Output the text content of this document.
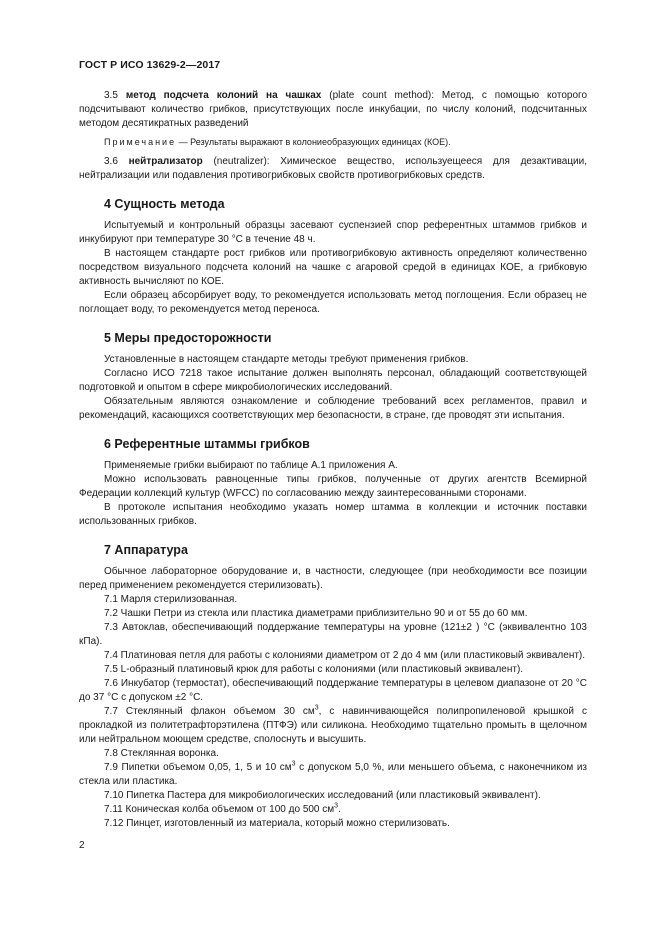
ГОСТ Р ИСО 13629-2—2017

3.5 метод подсчета колоний на чашках (plate count method): Метод, с помощью которого подсчитывают количество грибков, присутствующих после инкубации, по числу колоний, подсчитанных методом десятикратных разведений

Примечание — Результаты выражают в колониеобразующих единицах (КОЕ).

3.6 нейтрализатор (neutralizer): Химическое вещество, используещееся для дезактивации, нейтрализации или подавления противогрибковых свойств противогрибковых средств.

4 Сущность метода

Испытуемый и контрольный образцы засевают суспензией спор референтных штаммов грибков и инкубируют при температуре 30 °С в течение 48 ч.

В настоящем стандарте рост грибков или противогрибковую активность определяют количественно посредством визуального подсчета колоний на чашке с агаровой средой в единицах КОЕ, а грибковую активность вычисляют по КОЕ.

Если образец абсорбирует воду, то рекомендуется использовать метод поглощения. Если образец не поглощает воду, то рекомендуется метод переноса.

5 Меры предосторожности

Установленные в настоящем стандарте методы требуют применения грибков.

Согласно ИСО 7218 такое испытание должен выполнять персонал, обладающий соответствующей подготовкой и опытом в сфере микробиологических исследований.

Обязательным являются ознакомление и соблюдение требований всех регламентов, правил и рекомендаций, касающихся соответствующих мер безопасности, в стране, где проводят эти испытания.

6 Референтные штаммы грибков

Применяемые грибки выбирают по таблице А.1 приложения А.

Можно использовать равноценные типы грибков, полученные от других агентств Всемирной Федерации коллекций культур (WFCC) по согласованию между заинтересованными сторонами.

В протоколе испытания необходимо указать номер штамма в коллекции и источник поставки использованных грибков.

7 Аппаратура

Обычное лабораторное оборудование и, в частности, следующее (при необходимости все позиции перед применением рекомендуется стерилизовать).

7.1 Марля стерилизованная.

7.2 Чашки Петри из стекла или пластика диаметрами приблизительно 90 и от 55 до 60 мм.

7.3 Автоклав, обеспечивающий поддержание температуры на уровне (121±2 ) °С (эквивалентно 103 кПа).

7.4 Платиновая петля для работы с колониями диаметром от 2 до 4 мм (или пластиковый эквивалент).

7.5 L-образный платиновый крюк для работы с колониями (или пластиковый эквивалент).

7.6 Инкубатор (термостат), обеспечивающий поддержание температуры в целевом диапазоне от 20 °С до 37 °С с допуском ±2 °С.

7.7 Стеклянный флакон объемом 30 $см^3$, с навинчивающейся полипропиленовой крышкой с прокладкой из политетрафторэтилена (ПТФЭ) или силикона. Необходимо тщательно промыть в щелочном или нейтральном моющем средстве, сполоснуть и высушить.

7.8 Стеклянная воронка.

7.9 Пипетки объемом 0,05, 1, 5 и 10 $см^3$ с допуском 5,0 %, или меньшего объема, с наконечником из стекла или пластика.

7.10 Пипетка Пастера для микробиологических исследований (или пластиковый эквивалент).

7.11 Коническая колба объемом от 100 до 500 $см^3$.

7.12 Пинцет, изготовленный из материала, который можно стерилизовать.

2
